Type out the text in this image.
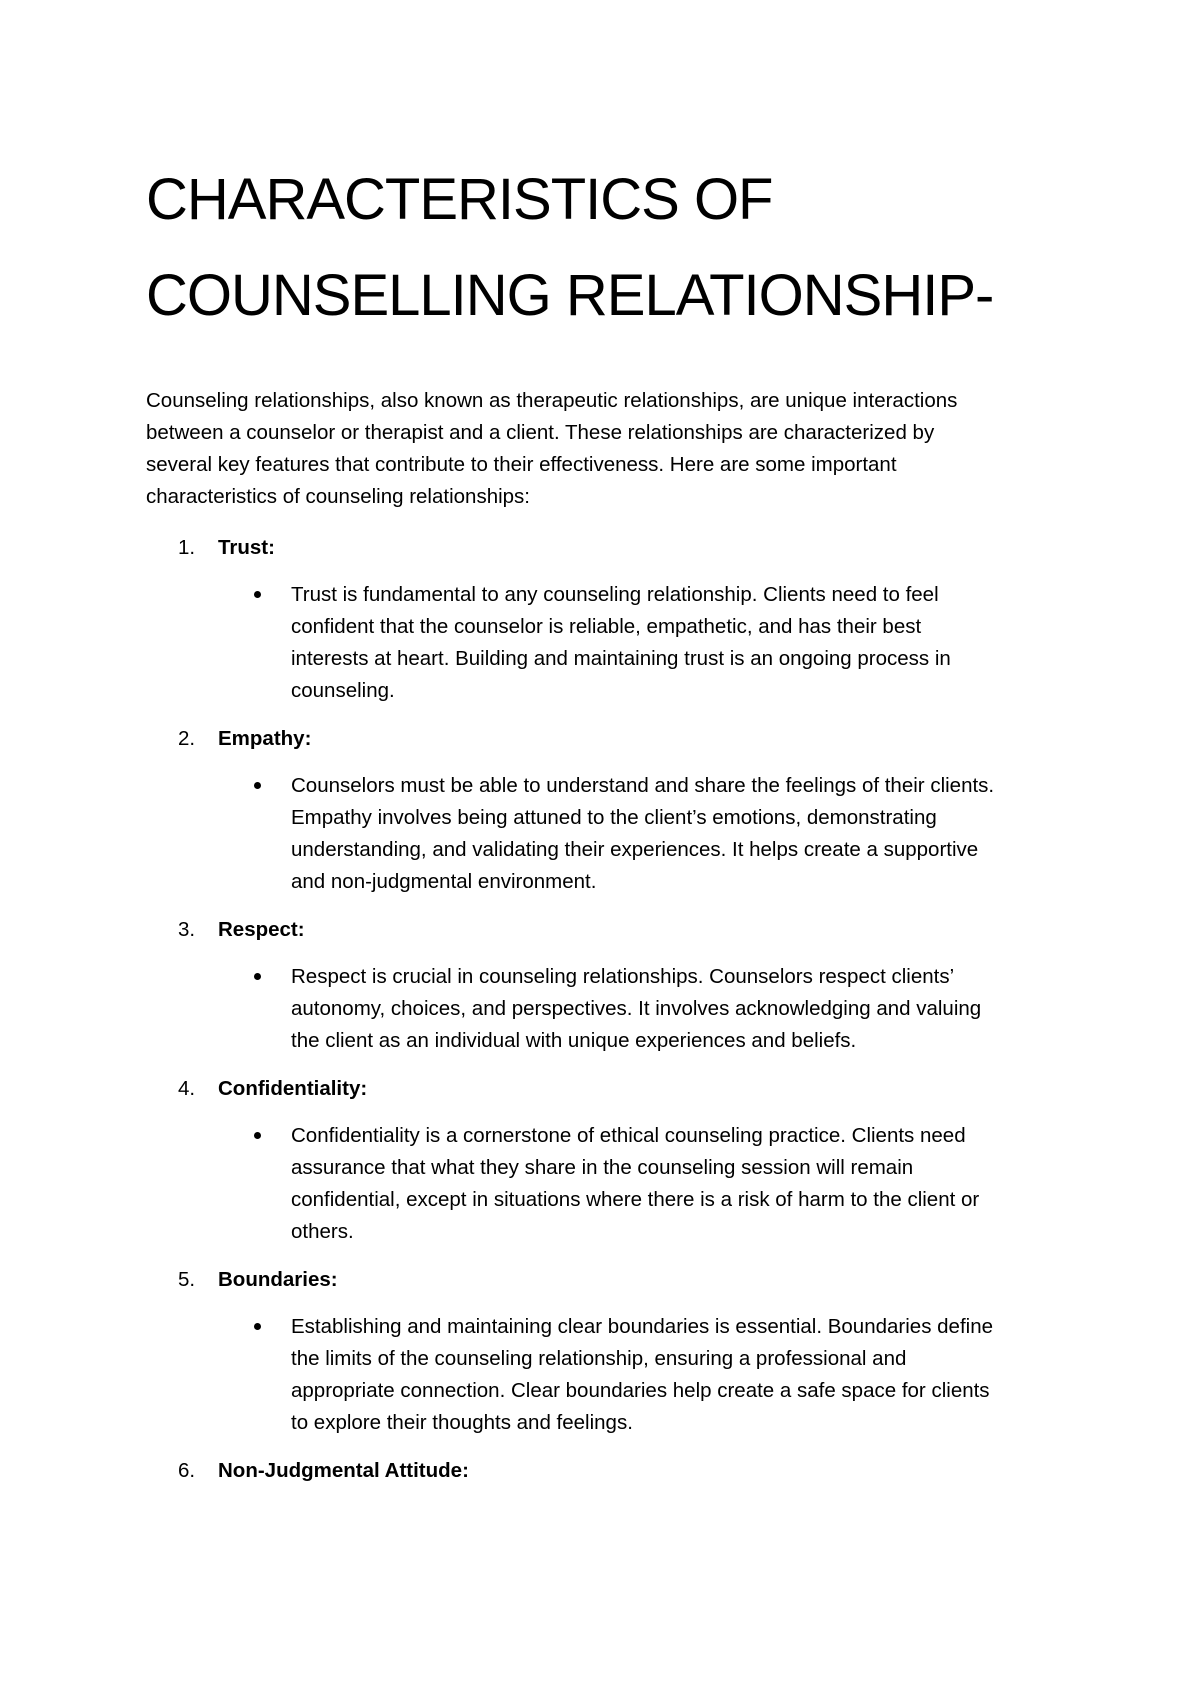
CHARACTERISTICS OF
COUNSELLING RELATIONSHIP-

Counseling relationships, also known as therapeutic relationships, are unique interactions
between a counselor or therapist and a client. These relationships are characterized by
several key features that contribute to their effectiveness. Here are some important
characteristics of counseling relationships:

1.	Trust:
Trust is fundamental to any counseling relationship. Clients need to feel
confident that the counselor is reliable, empathetic, and has their best
interests at heart. Building and maintaining trust is an ongoing process in
counseling.
2.	Empathy:
Counselors must be able to understand and share the feelings of their clients.
Empathy involves being attuned to the client’s emotions, demonstrating
understanding, and validating their experiences. It helps create a supportive
and non-judgmental environment.
3.	Respect:
Respect is crucial in counseling relationships. Counselors respect clients’
autonomy, choices, and perspectives. It involves acknowledging and valuing
the client as an individual with unique experiences and beliefs.
4.	Confidentiality:
Confidentiality is a cornerstone of ethical counseling practice. Clients need
assurance that what they share in the counseling session will remain
confidential, except in situations where there is a risk of harm to the client or
others.
5.	Boundaries:
Establishing and maintaining clear boundaries is essential. Boundaries define
the limits of the counseling relationship, ensuring a professional and
appropriate connection. Clear boundaries help create a safe space for clients
to explore their thoughts and feelings.
6.	Non-Judgmental Attitude:
